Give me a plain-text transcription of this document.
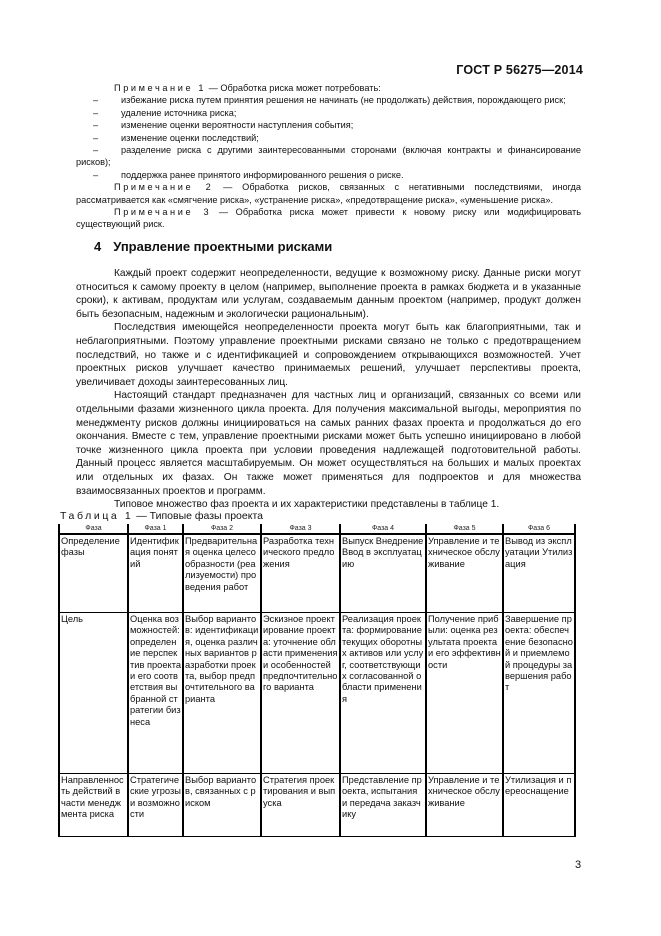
ГОСТ Р 56275—2014

Примечание 1 — Обработка риска может потребовать:

– избежание риска путем принятия решения не начинать (не продолжать) действия, порождающего риск;

– удаление источника риска;

– изменение оценки вероятности наступления события;

– изменение оценки последствий;

– разделение риска с другими заинтересованными сторонами (включая контракты и финансирование рисков);

– поддержка ранее принятого информированного решения о риске.

Примечание 2 — Обработка рисков, связанных с негативными последствиями, иногда рассматривается как «смягчение риска», «устранение риска», «предотвращение риска», «уменьшение риска».

Примечание 3 — Обработка риска может привести к новому риску или модифицировать существующий риск.

4 Управление проектными рисками

Каждый проект содержит неопределенности, ведущие к возможному риску. Данные риски могут относиться к самому проекту в целом (например, выполнение проекта в рамках бюджета и в указанные сроки), к активам, продуктам или услугам, создаваемым данным проектом (например, продукт должен быть безопасным, надежным и экологически рациональным).

Последствия имеющейся неопределенности проекта могут быть как благоприятными, так и неблагоприятными. Поэтому управление проектными рисками связано не только с предотвращением последствий, но также и с идентификацией и сопровождением открывающихся возможностей. Учет проектных рисков улучшает качество принимаемых решений, улучшает перспективы проекта, увеличивает доходы заинтересованных лиц.

Настоящий стандарт предназначен для частных лиц и организаций, связанных со всеми или отдельными фазами жизненного цикла проекта. Для получения максимальной выгоды, мероприятия по менеджменту рисков должны инициироваться на самых ранних фазах проекта и продолжаться до его окончания. Вместе с тем, управление проектными рисками может быть успешно инициировано в любой точке жизненного цикла проекта при условии проведения надлежащей подготовительной работы. Данный процесс является масштабируемым. Он может осуществляться на больших и малых проектах или отдельных их фазах. Он также может применяться для подпроектов и для множества взаимосвязанных проектов и программ.

Типовое множество фаз проекта и их характеристики представлены в таблице 1.

Таблица 1 — Типовые фазы проекта
Фаза	Фаза 1	Фаза 2	Фаза 3	Фаза 4	Фаза 5	Фаза 6
Определение фазы	Идентификация понятий	Предварительная оценка целесообразности (реализуемости) проведения работ	Разработка технического предложения	Выпуск Внедрение Ввод в эксплуатацию	Управление и техническое обслуживание	Вывод из эксплуатации Утилизация
Цель	Оценка возможностей: определение перспектив проекта и его соответствия выбранной стратегии бизнеса	Выбор вариантов: идентификация, оценка различных вариантов разработки проекта, выбор предпочтительного варианта	Эскизное проектирование проекта: уточнение области применения и особенностей предпочтительного варианта	Реализация проекта: формирование текущих оборотных активов или услуг, соответствующих согласованной области применения	Получение прибыли: оценка результата проекта и его эффективности	Завершение проекта: обеспечение безопасной и приемлемой процедуры завершения работ
Направленность действий в части менеджмента риска	Стратегические угрозы и возможности	Выбор вариантов, связанных с риском	Стратегия проектирования и выпуска	Представление проекта, испытания и передача заказчику	Управление и техническое обслуживание	Утилизация и переоснащение
3
